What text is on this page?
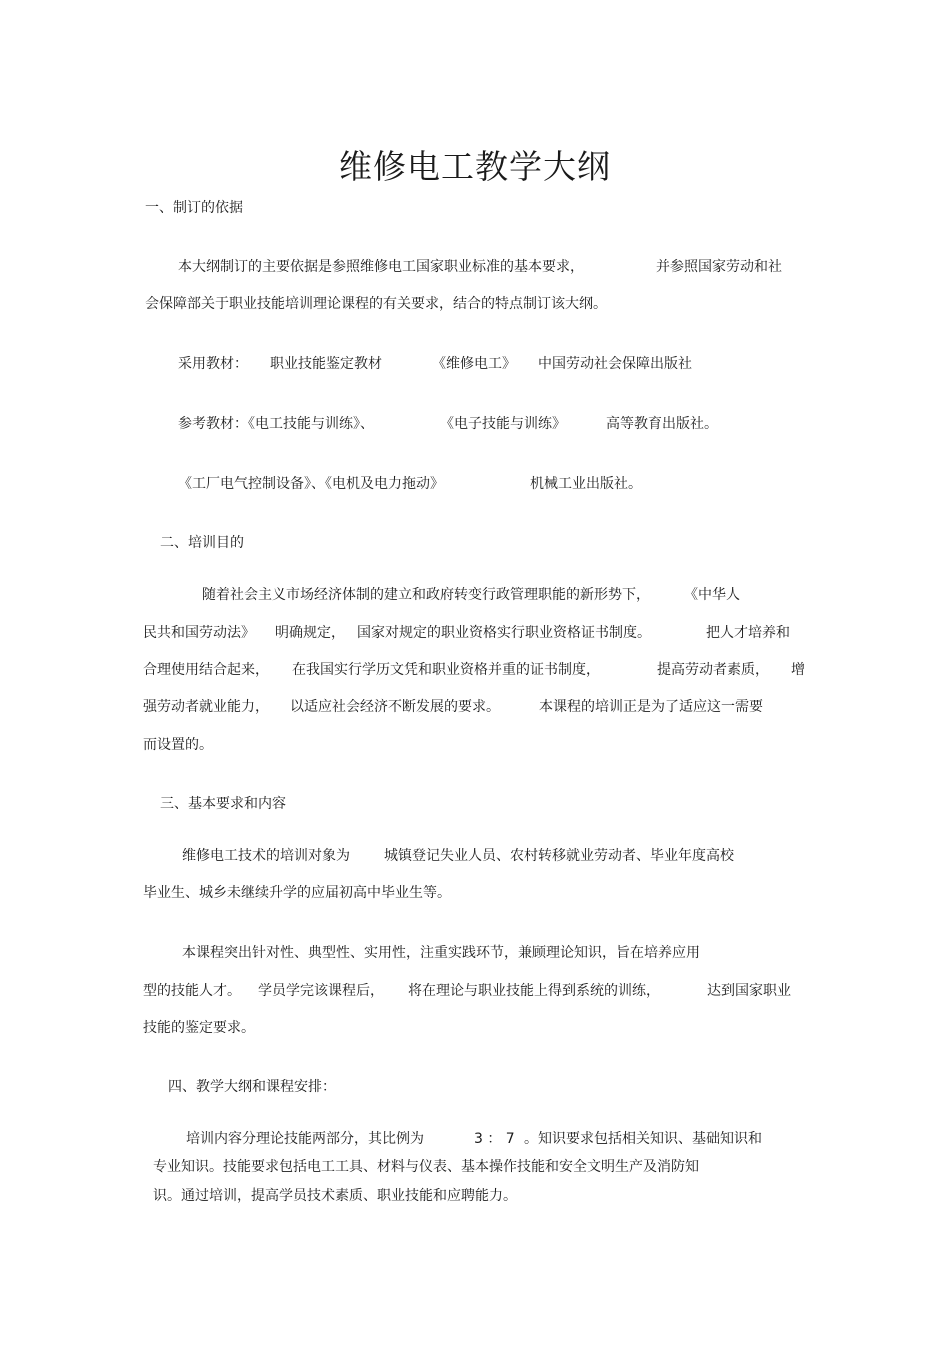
维修电工教学大纲
一、制订的依据
本大纲制订的主要依据是参照维修电工国家职业标准的基本要求，	并参照国家劳动和社
会保障部关于职业技能培训理论课程的有关要求，结合的特点制订该大纲。
采用教材： 职业技能鉴定教材	《维修电工》 中国劳动社会保障出版社
参考教材：《电工技能与训练》、	《电子技能与训练》	高等教育出版社。
《工厂电气控制设备》、《电机及电力拖动》	机械工业出版社。
二、培训目的
随着社会主义市场经济体制的建立和政府转变行政管理职能的新形势下， 《中华人
民共和国劳动法》 明确规定， 国家对规定的职业资格实行职业资格证书制度。	把人才培养和
合理使用结合起来， 在我国实行学历文凭和职业资格并重的证书制度，	提高劳动者素质， 增
强劳动者就业能力， 以适应社会经济不断发展的要求。	本课程的培训正是为了适应这一需要
而设置的。
三、基本要求和内容
维修电工技术的培训对象为 城镇登记失业人员、农村转移就业劳动者、毕业年度高校
毕业生、城乡未继续升学的应届初高中毕业生等。
本课程突出针对性、典型性、实用性，注重实践环节，兼顾理论知识，旨在培养应用
型的技能人才。 学员学完该课程后， 将在理论与职业技能上得到系统的训练，	达到国家职业
技能的鉴定要求。
四、教学大纲和课程安排：
培训内容分理论技能两部分，其比例为	3 ： 7 。知识要求包括相关知识、基础知识和
专业知识。技能要求包括电工工具、材料与仪表、基本操作技能和安全文明生产及消防知
识。通过培训，提高学员技术素质、职业技能和应聘能力。
